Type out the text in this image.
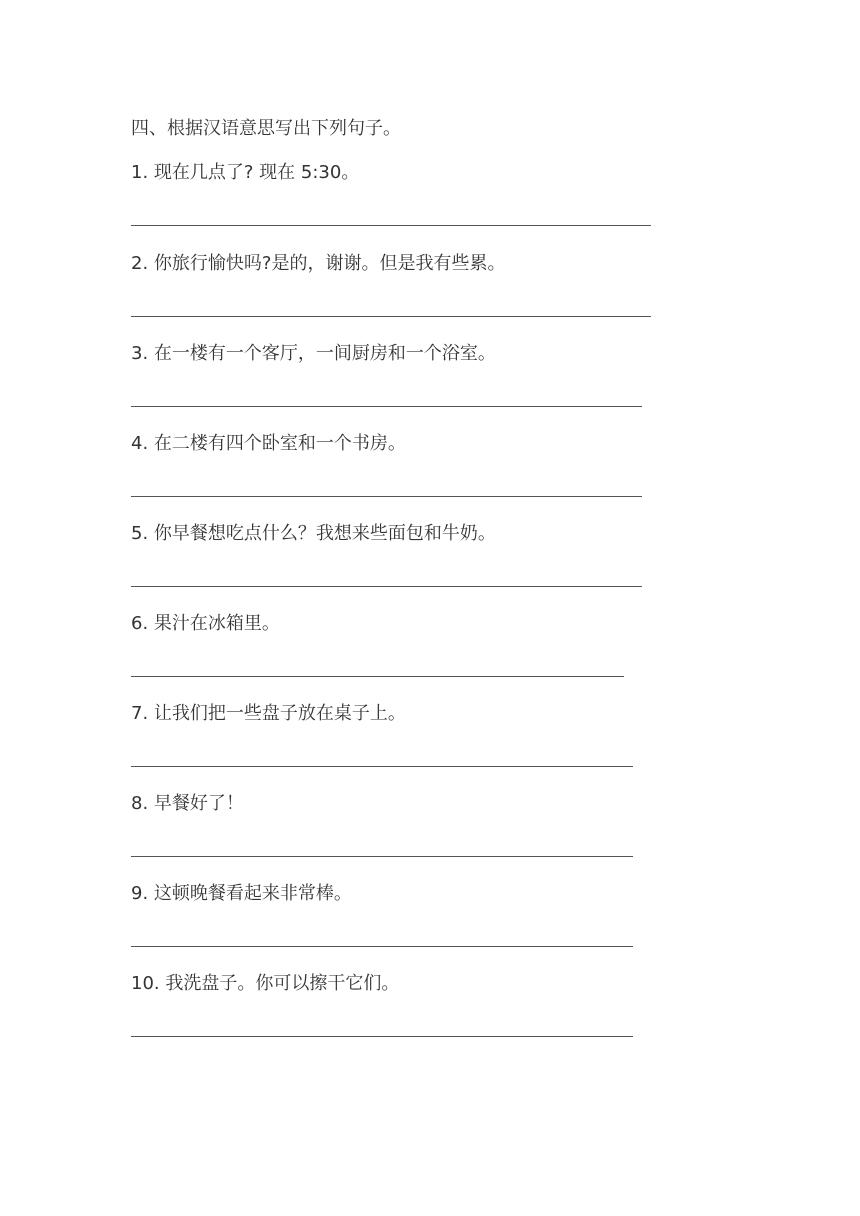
四、根据汉语意思写出下列句子。
1. 现在几点了? 现在 5:30。
2. 你旅行愉快吗?是的，谢谢。但是我有些累。
3. 在一楼有一个客厅，一间厨房和一个浴室。
4. 在二楼有四个卧室和一个书房。
5. 你早餐想吃点什么？我想来些面包和牛奶。
6. 果汁在冰箱里。
7. 让我们把一些盘子放在桌子上。
8. 早餐好了！
9. 这顿晚餐看起来非常棒。
10. 我洗盘子。你可以擦干它们。
